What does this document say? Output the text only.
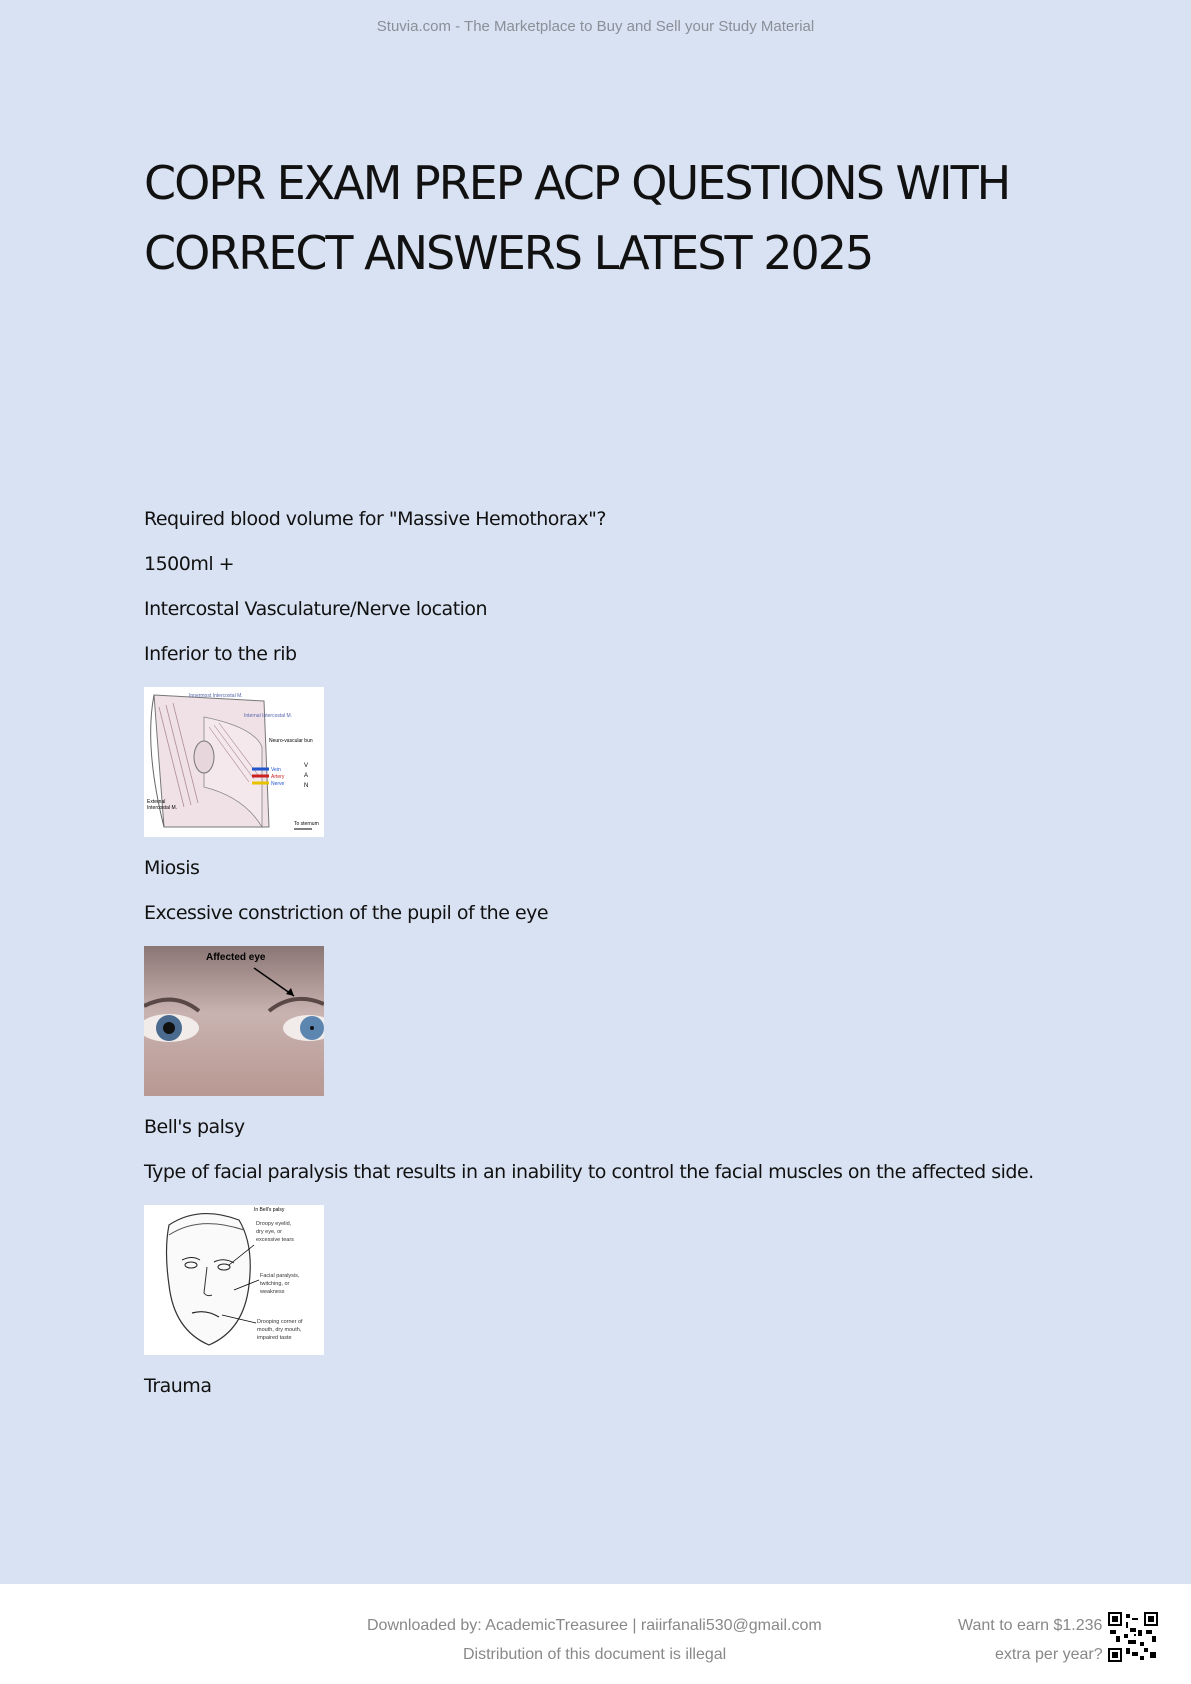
Stuvia.com - The Marketplace to Buy and Sell your Study Material
COPR EXAM PREP ACP QUESTIONS WITH
CORRECT ANSWERS LATEST 2025
Required blood volume for "Massive Hemothorax"?
1500ml +
Intercostal Vasculature/Nerve location
Inferior to the rib
Innermost Intercostal M.
Internal Intercostal M.
Neuro-vascular bun
Vein
Artery
Nerve
V
A
N
External
Intercostal M.
To sternum
Miosis
Excessive constriction of the pupil of the eye
Affected eye
Bell's palsy
Type of facial paralysis that results in an inability to control the facial muscles on the affected side.
In Bell's palsy
Droopy eyelid,
dry eye, or
excessive tears
Facial paralysis,
twitching, or
weakness
Drooping corner of
mouth, dry mouth,
impaired taste
Trauma
Downloaded by: AcademicTreasuree | raiirfanali530@gmail.com
Distribution of this document is illegal
Want to earn $1.236
extra per year?
